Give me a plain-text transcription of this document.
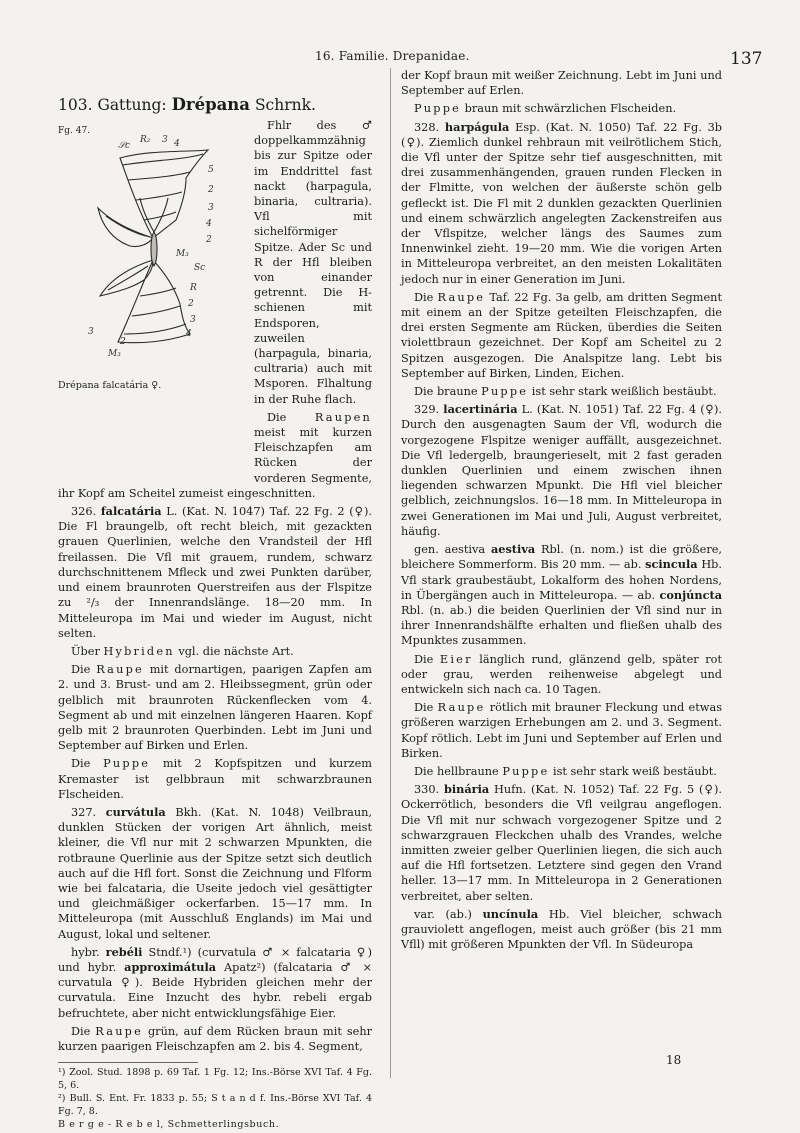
16. Familie. Drepanidae.	137

103. Gattung: Drépana Schrnk.

Fg. 47.
𝒮c
R₂ 3 4
5
2
3
4
2
M₃
Sc
R
2
3
4
3
2
M₃
Drépana falcatária ♀.

Fhlr des ♂ doppelkammzähnig bis zur Spitze oder im Enddrittel fast nackt (harpagula, binaria, cultraria). Vfl mit sichelförmiger Spitze. Ader Sc und R der Hfl bleiben von einander getrennt. Die H-schienen mit Endsporen, zuweilen (harpagula, binaria, cultraria) auch mit Msporen. Flhaltung in der Ruhe flach.

Die	Raupen meist mit kurzen Fleischzapfen am Rücken der vorderen Segmente, ihr Kopf am Scheitel zumeist eingeschnitten.

326. falcatária L. (Kat. N. 1047) Taf. 22 Fg. 2 (♀). Die Fl braungelb, oft recht bleich, mit gezackten grauen Querlinien, welche den Vrandsteil der Hfl freilassen. Die Vfl mit grauem, rundem, schwarz durchschnittenem Mfleck und zwei Punkten darüber, und einem braunroten Querstreifen aus der Flspitze zu ²/₃ der Innenrandslänge. 18—20 mm. In Mitteleuropa im Mai und wieder im August, nicht selten.

Über Hybriden vgl. die nächste Art.

Die Raupe mit dornartigen, paarigen Zapfen am 2. und 3. Brust- und am 2. Hleibssegment, grün oder gelblich mit braunroten Rückenflecken vom 4. Segment ab und mit einzelnen längeren Haaren. Kopf gelb mit 2 braunroten Querbinden. Lebt im Juni und September auf Birken und Erlen.

Die Puppe mit 2 Kopfspitzen und kurzem Kremaster ist gelbbraun mit schwarzbraunen Flscheiden.

327. curvátula Bkh. (Kat. N. 1048) Veilbraun, dunklen Stücken der vorigen Art ähnlich, meist kleiner, die Vfl nur mit 2 schwarzen Mpunkten, die rotbraune Querlinie aus der Spitze setzt sich deutlich auch auf die Hfl fort. Sonst die Zeichnung und Flform wie bei falcataria, die Useite jedoch viel gesättigter und gleichmäßiger ockerfarben. 15—17 mm. In Mitteleuropa (mit Ausschluß Englands) im Mai und August, lokal und seltener.

hybr. rebéli Stndf.¹) (curvatula ♂ × falcataria ♀) und hybr. approximátula Apatz²) (falcataria ♂ × curvatula ♀). Beide Hybriden gleichen mehr der curvatula. Eine Inzucht des hybr. rebeli ergab befruchtete, aber nicht entwicklungsfähige Eier.

Die Raupe grün, auf dem Rücken braun mit sehr kurzen paarigen Fleischzapfen am 2. bis 4. Segment,

¹) Zool. Stud. 1898 p. 69 Taf. 1 Fg. 12; Ins.-Börse XVI Taf. 4 Fg. 5, 6.

²) Bull. S. Ent. Fr. 1833 p. 55; S t a n d f. Ins.-Börse XVI Taf. 4 Fg. 7, 8.

B e r g e - R e b e l, Schmetterlingsbuch.

der Kopf braun mit weißer Zeichnung. Lebt im Juni und September auf Erlen.

Puppe braun mit schwärzlichen Flscheiden.

328. harpágula Esp. (Kat. N. 1050) Taf. 22 Fg. 3b (♀). Ziemlich dunkel rehbraun mit veilrötlichem Stich, die Vfl unter der Spitze sehr tief ausgeschnitten, mit drei zusammenhängenden, grauen runden Flecken in der Flmitte, von welchen der äußerste schön gelb gefleckt ist. Die Fl mit 2 dunklen gezackten Querlinien und einem schwärzlich angelegten Zackenstreifen aus der Vflspitze, welcher längs des Saumes zum Innenwinkel zieht. 19—20 mm. Wie die vorigen Arten in Mitteleuropa verbreitet, an den meisten Lokalitäten jedoch nur in einer Generation im Juni.

Die Raupe Taf. 22 Fg. 3a gelb, am dritten Segment mit einem an der Spitze geteilten Fleischzapfen, die drei ersten Segmente am Rücken, überdies die Seiten violettbraun gezeichnet. Der Kopf am Scheitel zu 2 Spitzen ausgezogen. Die Analspitze lang. Lebt bis September auf Birken, Linden, Eichen.

Die braune Puppe ist sehr stark weißlich bestäubt.

329. lacertinária L. (Kat. N. 1051) Taf. 22 Fg. 4 (♀). Durch den ausgenagten Saum der Vfl, wodurch die vorgezogene Flspitze weniger auffällt, ausgezeichnet. Die Vfl ledergelb, braungerieselt, mit 2 fast geraden dunklen Querlinien und einem zwischen ihnen liegenden schwarzen Mpunkt. Die Hfl viel bleicher gelblich, zeichnungslos. 16—18 mm. In Mitteleuropa in zwei Generationen im Mai und Juli, August verbreitet, häufig.

gen. aestiva aestiva Rbl. (n. nom.) ist die größere, bleichere Sommerform. Bis 20 mm. — ab. scincula Hb. Vfl stark graubestäubt, Lokalform des hohen Nordens, in Übergängen auch in Mitteleuropa. — ab. conjúncta Rbl. (n. ab.) die beiden Querlinien der Vfl sind nur in ihrer Innenrandshälfte erhalten und fließen uhalb des Mpunktes zusammen.

Die Eier länglich rund, glänzend gelb, später rot oder grau, werden reihenweise abgelegt und entwickeln sich nach ca. 10 Tagen.

Die Raupe rötlich mit brauner Fleckung und etwas größeren warzigen Erhebungen am 2. und 3. Segment. Kopf rötlich. Lebt im Juni und September auf Erlen und Birken.

Die hellbraune Puppe ist sehr stark weiß bestäubt.

330. binária Hufn. (Kat. N. 1052) Taf. 22 Fg. 5 (♀). Ockerrötlich, besonders die Vfl veilgrau angeflogen. Die Vfl mit nur schwach vorgezogener Spitze und 2 schwarzgrauen Fleckchen uhalb des Vrandes, welche inmitten zweier gelber Querlinien liegen, die sich auch auf die Hfl fortsetzen. Letztere sind gegen den Vrand heller. 13—17 mm. In Mitteleuropa in 2 Generationen verbreitet, aber selten.

var. (ab.) uncínula Hb. Viel bleicher, schwach grauviolett angeflogen, meist auch größer (bis 21 mm Vfll) mit größeren Mpunkten der Vfl. In Südeuropa

18
